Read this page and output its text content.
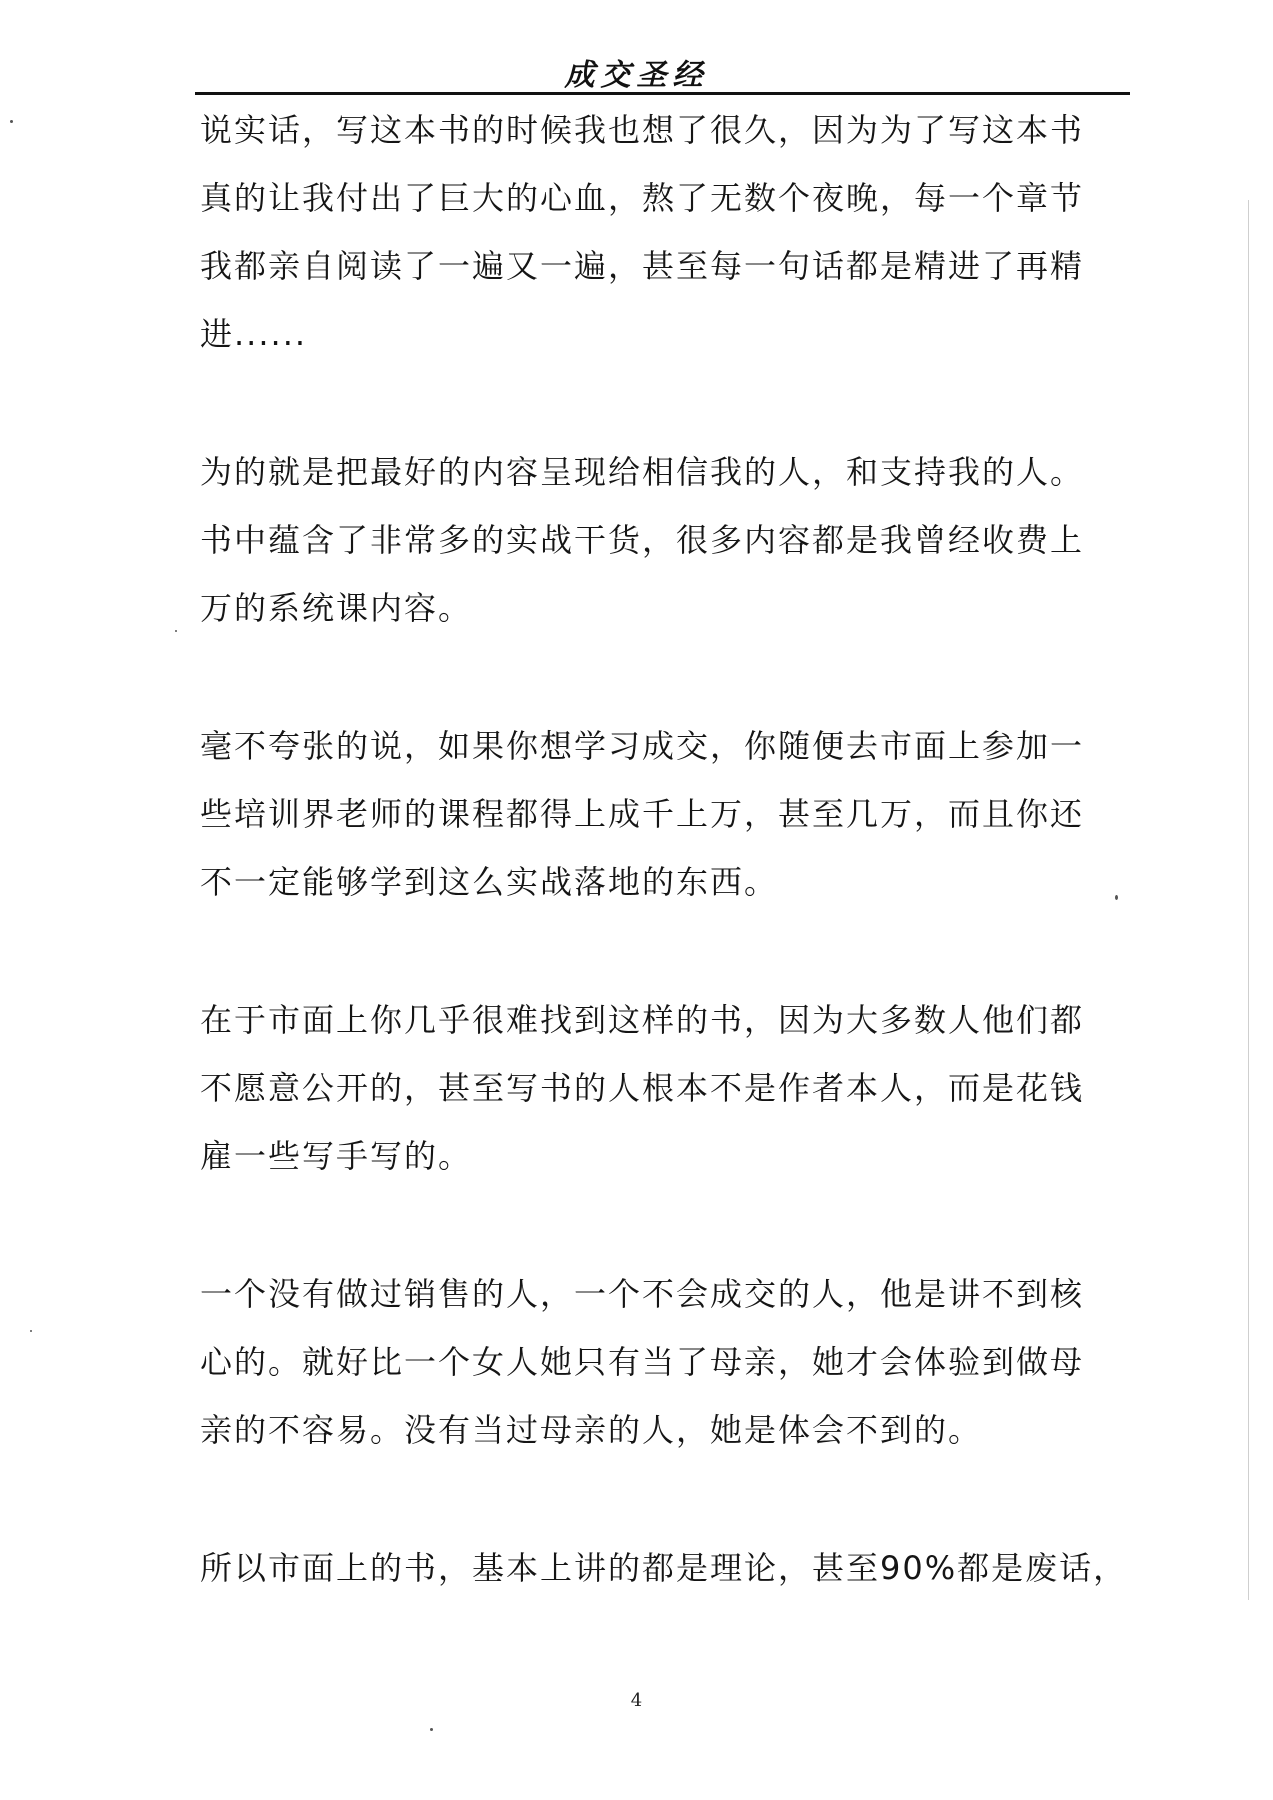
成交圣经

说实话，写这本书的时候我也想了很久，因为为了写这本书
真的让我付出了巨大的心血，熬了无数个夜晚，每一个章节
我都亲自阅读了一遍又一遍，甚至每一句话都是精进了再精
进......

为的就是把最好的内容呈现给相信我的人，和支持我的人。
书中蕴含了非常多的实战干货，很多内容都是我曾经收费上
万的系统课内容。

毫不夸张的说，如果你想学习成交，你随便去市面上参加一
些培训界老师的课程都得上成千上万，甚至几万，而且你还
不一定能够学到这么实战落地的东西。

在于市面上你几乎很难找到这样的书，因为大多数人他们都
不愿意公开的，甚至写书的人根本不是作者本人，而是花钱
雇一些写手写的。

一个没有做过销售的人，一个不会成交的人，他是讲不到核
心的。就好比一个女人她只有当了母亲，她才会体验到做母
亲的不容易。没有当过母亲的人，她是体会不到的。

所以市面上的书，基本上讲的都是理论，甚至90%都是废话，

4
